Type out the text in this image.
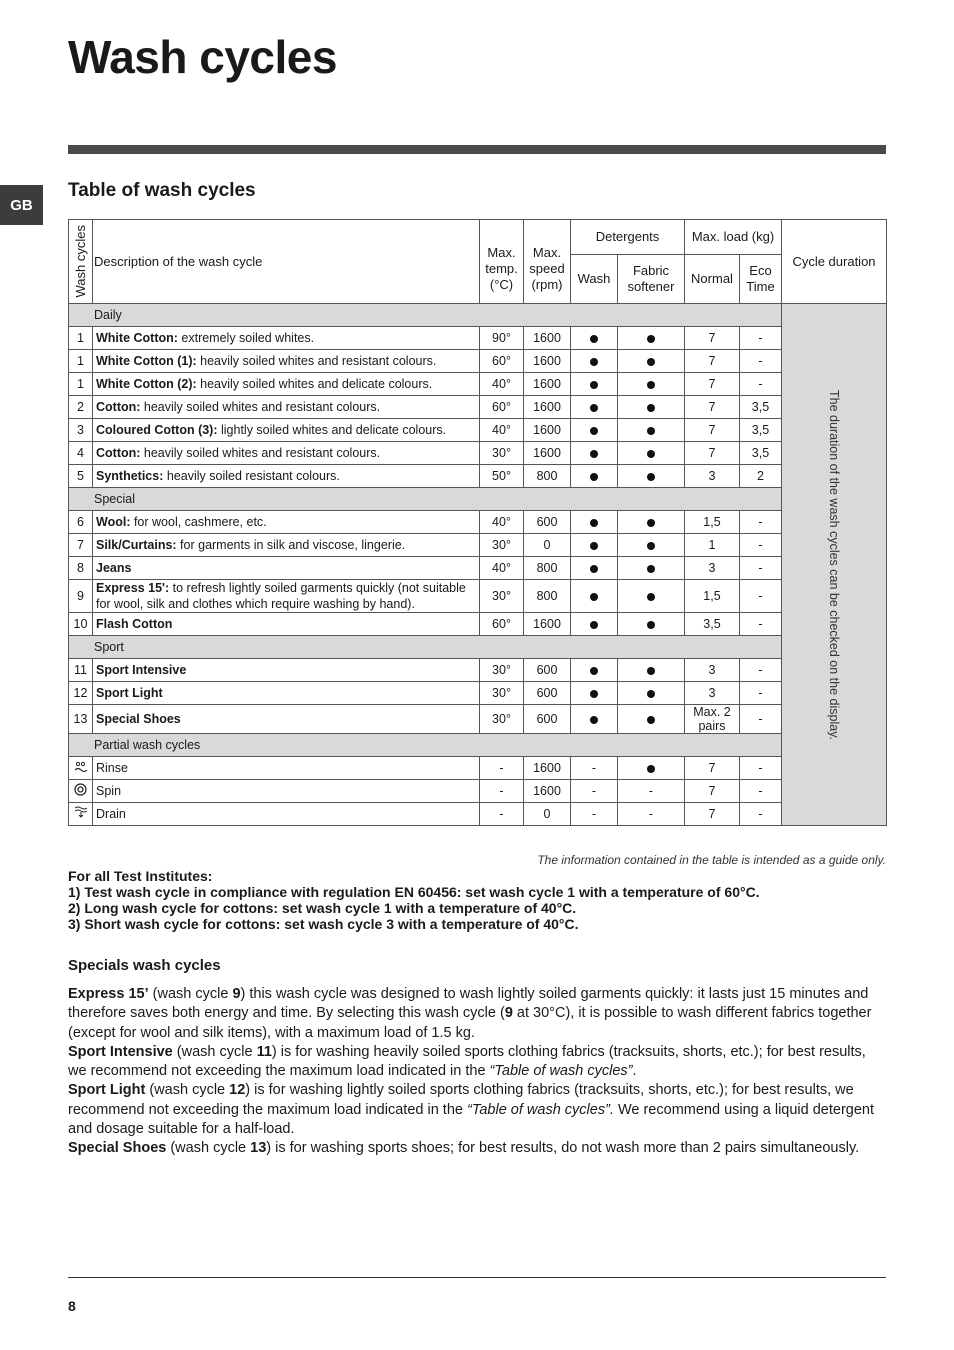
Wash cycles
GB
Table of wash cycles
Wash cycles	Description of the wash cycle	Max. temp. (°C)	Max. speed (rpm)	Detergents		Max. load (kg)		Cycle duration
				Wash	Fabric softener	Normal	Eco Time	
Daily								The duration of the wash cycles can be checked on the display.

1	White Cotton: extremely soiled whites.	90°	1600			7	-	
1	White Cotton (1): heavily soiled whites and resistant colours.	60°	1600			7	-	
1	White Cotton (2): heavily soiled whites and delicate colours.	40°	1600			7	-	
2	Cotton: heavily soiled whites and resistant colours.	60°	1600			7	3,5	
3	Coloured Cotton (3): lightly soiled whites and delicate colours.	40°	1600			7	3,5	
4	Cotton: heavily soiled whites and resistant colours.	30°	1600			7	3,5	
5	Synthetics: heavily soiled resistant colours.	50°	800			3	2	
Special								
6	Wool: for wool, cashmere, etc.	40°	600			1,5	-	
7	Silk/Curtains: for garments in silk and viscose, lingerie.	30°	0			1	-	
8	Jeans	40°	800			3	-	
9	Express 15': to refresh lightly soiled garments quickly (not suitable for wool, silk and clothes which require washing by hand).	30°	800			1,5	-	
10	Flash Cotton	60°	1600			3,5	-	
Sport								
11	Sport Intensive	30°	600			3	-	
12	Sport Light	30°	600			3	-	
13	Special Shoes	30°	600			Max. 2 pairs	-	
Partial wash cycles								
	Rinse	-	1600	-		7	-	
	Spin	-	1600	-	-	7	-	
	Drain	-	0	-	-	7	-	
The information contained in the table is intended as a guide only.
For all Test Institutes:
1) Test wash cycle in compliance with regulation EN 60456: set wash cycle 1 with a temperature of 60°C.
2) Long wash cycle for cottons: set wash cycle 1 with a temperature of 40°C.
3) Short wash cycle for cottons: set wash cycle 3 with a temperature of 40°C.
Specials wash cycles

Express 15’ (wash cycle 9) this wash cycle was designed to wash lightly soiled garments quickly: it lasts just 15 minutes and therefore saves both energy and time. By selecting this wash cycle (9 at 30°C), it is possible to wash different fabrics together (except for wool and silk items), with a maximum load of 1.5 kg.

Sport Intensive (wash cycle 11) is for washing heavily soiled sports clothing fabrics (tracksuits, shorts, etc.); for best results, we recommend not exceeding the maximum load indicated in the “Table of wash cycles”.

Sport Light (wash cycle 12) is for washing lightly soiled sports clothing fabrics (tracksuits, shorts, etc.); for best results, we recommend not exceeding the maximum load indicated in the “Table of wash cycles”. We recommend using a liquid detergent and dosage suitable for a half-load.

Special Shoes (wash cycle 13) is for washing sports shoes; for best results, do not wash more than 2 pairs simultaneously.

8
